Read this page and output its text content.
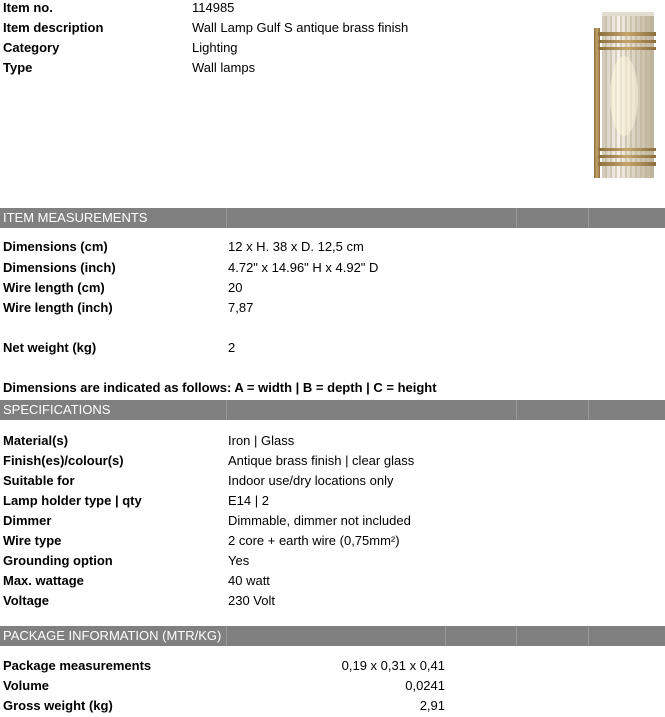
Item no.	114985
Item description	Wall Lamp Gulf S antique brass finish
Category	Lighting
Type	Wall lamps
ITEM MEASUREMENTS
Dimensions (cm)	12 x H. 38 x D. 12,5 cm
Dimensions (inch)	4.72" x 14.96" H x 4.92" D
Wire length (cm)	20
Wire length (inch)	7,87
Net weight (kg)	2
Dimensions are indicated as follows: A = width | B = depth | C = height
SPECIFICATIONS
Material(s)	Iron | Glass
Finish(es)/colour(s)	Antique brass finish | clear glass
Suitable for	Indoor use/dry locations only
Lamp holder type | qty	E14 | 2
Dimmer	Dimmable, dimmer not included
Wire type	2 core + earth wire (0,75mm²)
Grounding option	Yes
Max. wattage	40 watt
Voltage	230 Volt
PACKAGE INFORMATION (MTR/KG)
Package measurements	0,19 x 0,31 x 0,41
Volume	0,0241
Gross weight (kg)	2,91
